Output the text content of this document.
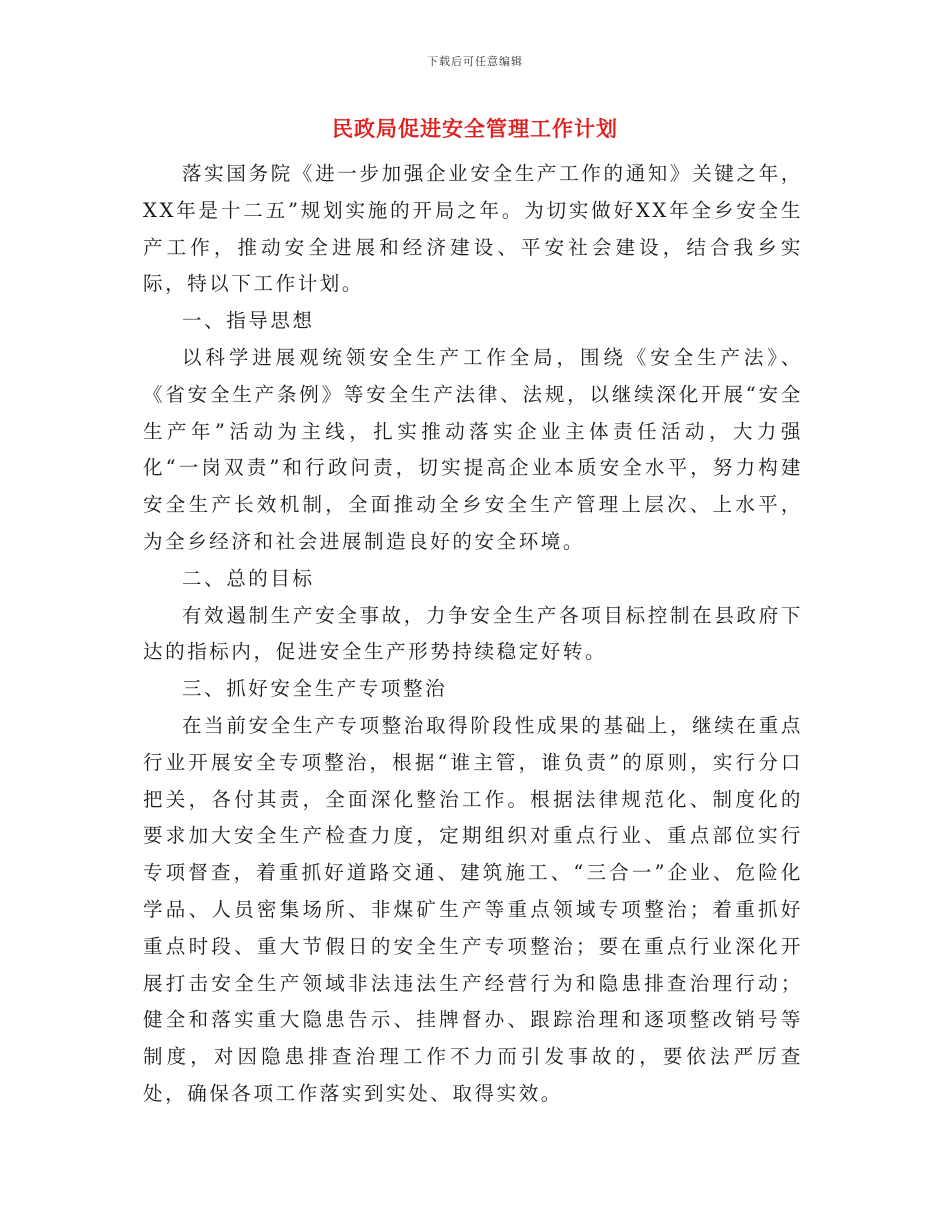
下载后可任意编辑
民政局促进安全管理工作计划

落实国务院《进一步加强企业安全生产工作的通知》关键之年，XX年是十二五”规划实施的开局之年。为切实做好XX年全乡安全生产工作，推动安全进展和经济建设、平安社会建设，结合我乡实际，特以下工作计划。

一、指导思想

以科学进展观统领安全生产工作全局，围绕《安全生产法》、《省安全生产条例》等安全生产法律、法规，以继续深化开展“安全生产年”活动为主线，扎实推动落实企业主体责任活动，大力强化“一岗双责”和行政问责，切实提高企业本质安全水平，努力构建安全生产长效机制，全面推动全乡安全生产管理上层次、上水平，为全乡经济和社会进展制造良好的安全环境。

二、总的目标

有效遏制生产安全事故，力争安全生产各项目标控制在县政府下达的指标内，促进安全生产形势持续稳定好转。

三、抓好安全生产专项整治

在当前安全生产专项整治取得阶段性成果的基础上，继续在重点行业开展安全专项整治，根据“谁主管，谁负责”的原则，实行分口把关，各付其责，全面深化整治工作。根据法律规范化、制度化的要求加大安全生产检查力度，定期组织对重点行业、重点部位实行专项督查，着重抓好道路交通、建筑施工、“三合一”企业、危险化学品、人员密集场所、非煤矿生产等重点领域专项整治；着重抓好重点时段、重大节假日的安全生产专项整治；要在重点行业深化开展打击安全生产领域非法违法生产经营行为和隐患排查治理行动；健全和落实重大隐患告示、挂牌督办、跟踪治理和逐项整改销号等制度，对因隐患排查治理工作不力而引发事故的，要依法严厉查处，确保各项工作落实到实处、取得实效。
